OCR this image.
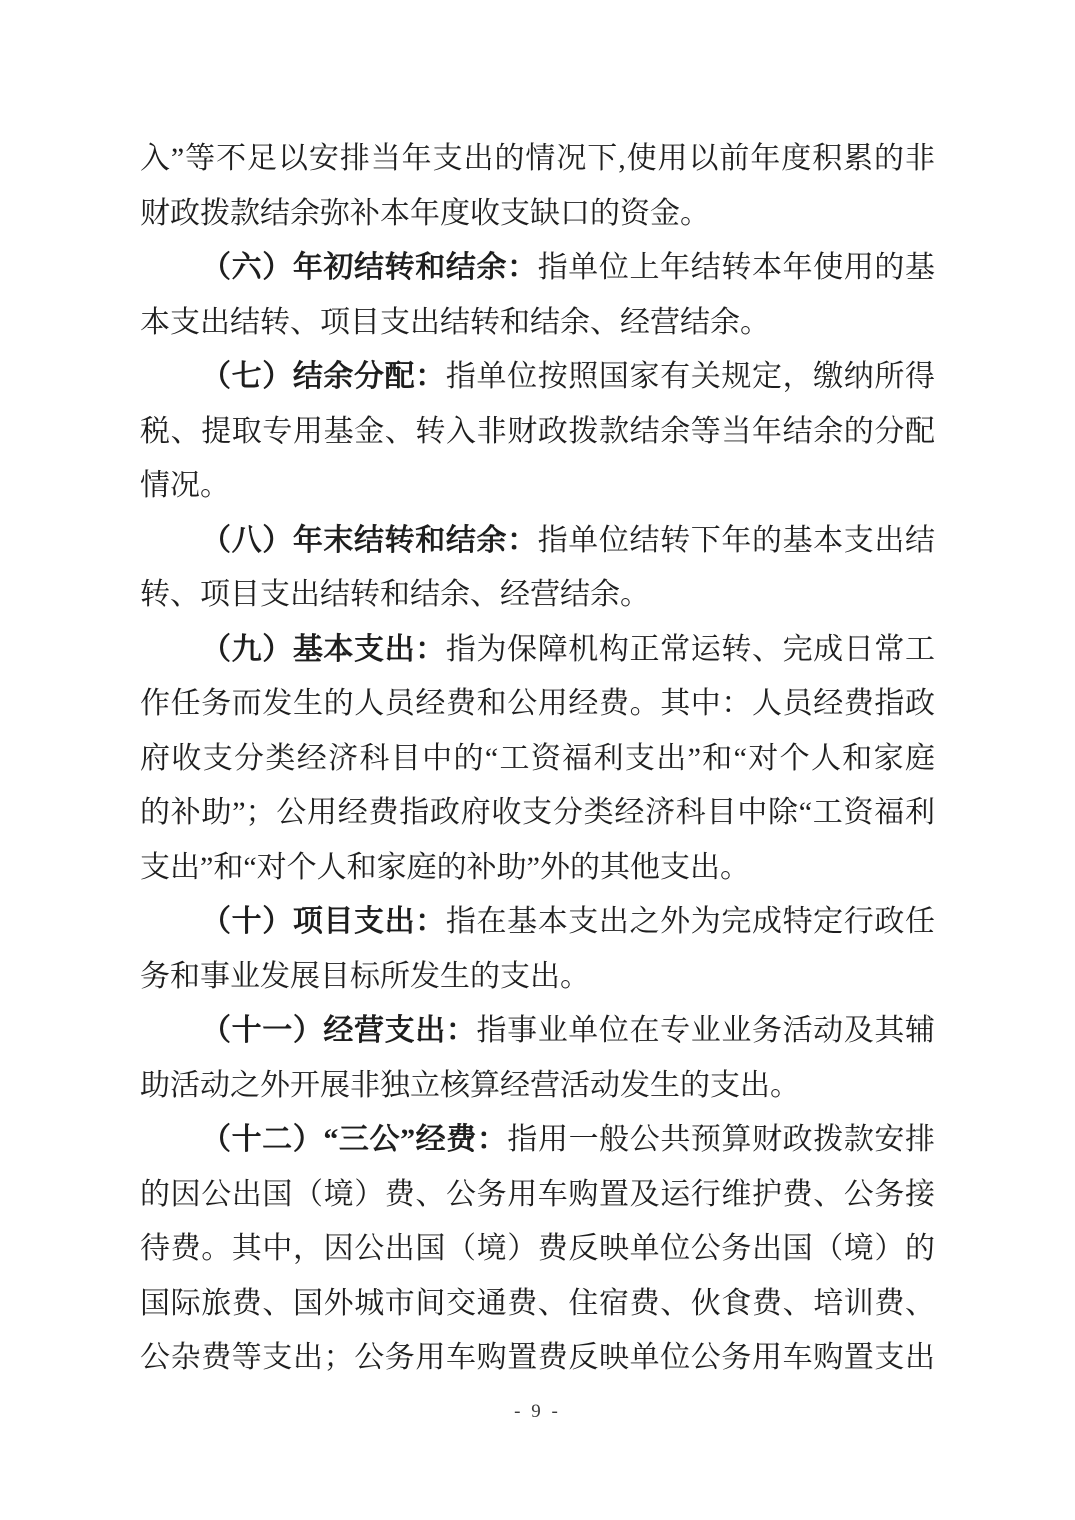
入”等不足以安排当年支出的情况下,使用以前年度积累的非
财政拨款结余弥补本年度收支缺口的资金。
（六）年初结转和结余：指单位上年结转本年使用的基
本支出结转、项目支出结转和结余、经营结余。
（七）结余分配：指单位按照国家有关规定，缴纳所得
税、提取专用基金、转入非财政拨款结余等当年结余的分配
情况。
（八）年末结转和结余：指单位结转下年的基本支出结
转、项目支出结转和结余、经营结余。
（九）基本支出：指为保障机构正常运转、完成日常工
作任务而发生的人员经费和公用经费。其中：人员经费指政
府收支分类经济科目中的“工资福利支出”和“对个人和家庭
的补助”；公用经费指政府收支分类经济科目中除“工资福利
支出”和“对个人和家庭的补助”外的其他支出。
（十）项目支出：指在基本支出之外为完成特定行政任
务和事业发展目标所发生的支出。
（十一）经营支出：指事业单位在专业业务活动及其辅
助活动之外开展非独立核算经营活动发生的支出。
（十二）“三公”经费：指用一般公共预算财政拨款安排
的因公出国（境）费、公务用车购置及运行维护费、公务接
待费。其中，因公出国（境）费反映单位公务出国（境）的
国际旅费、国外城市间交通费、住宿费、伙食费、培训费、
公杂费等支出；公务用车购置费反映单位公务用车购置支出
- 9 -
